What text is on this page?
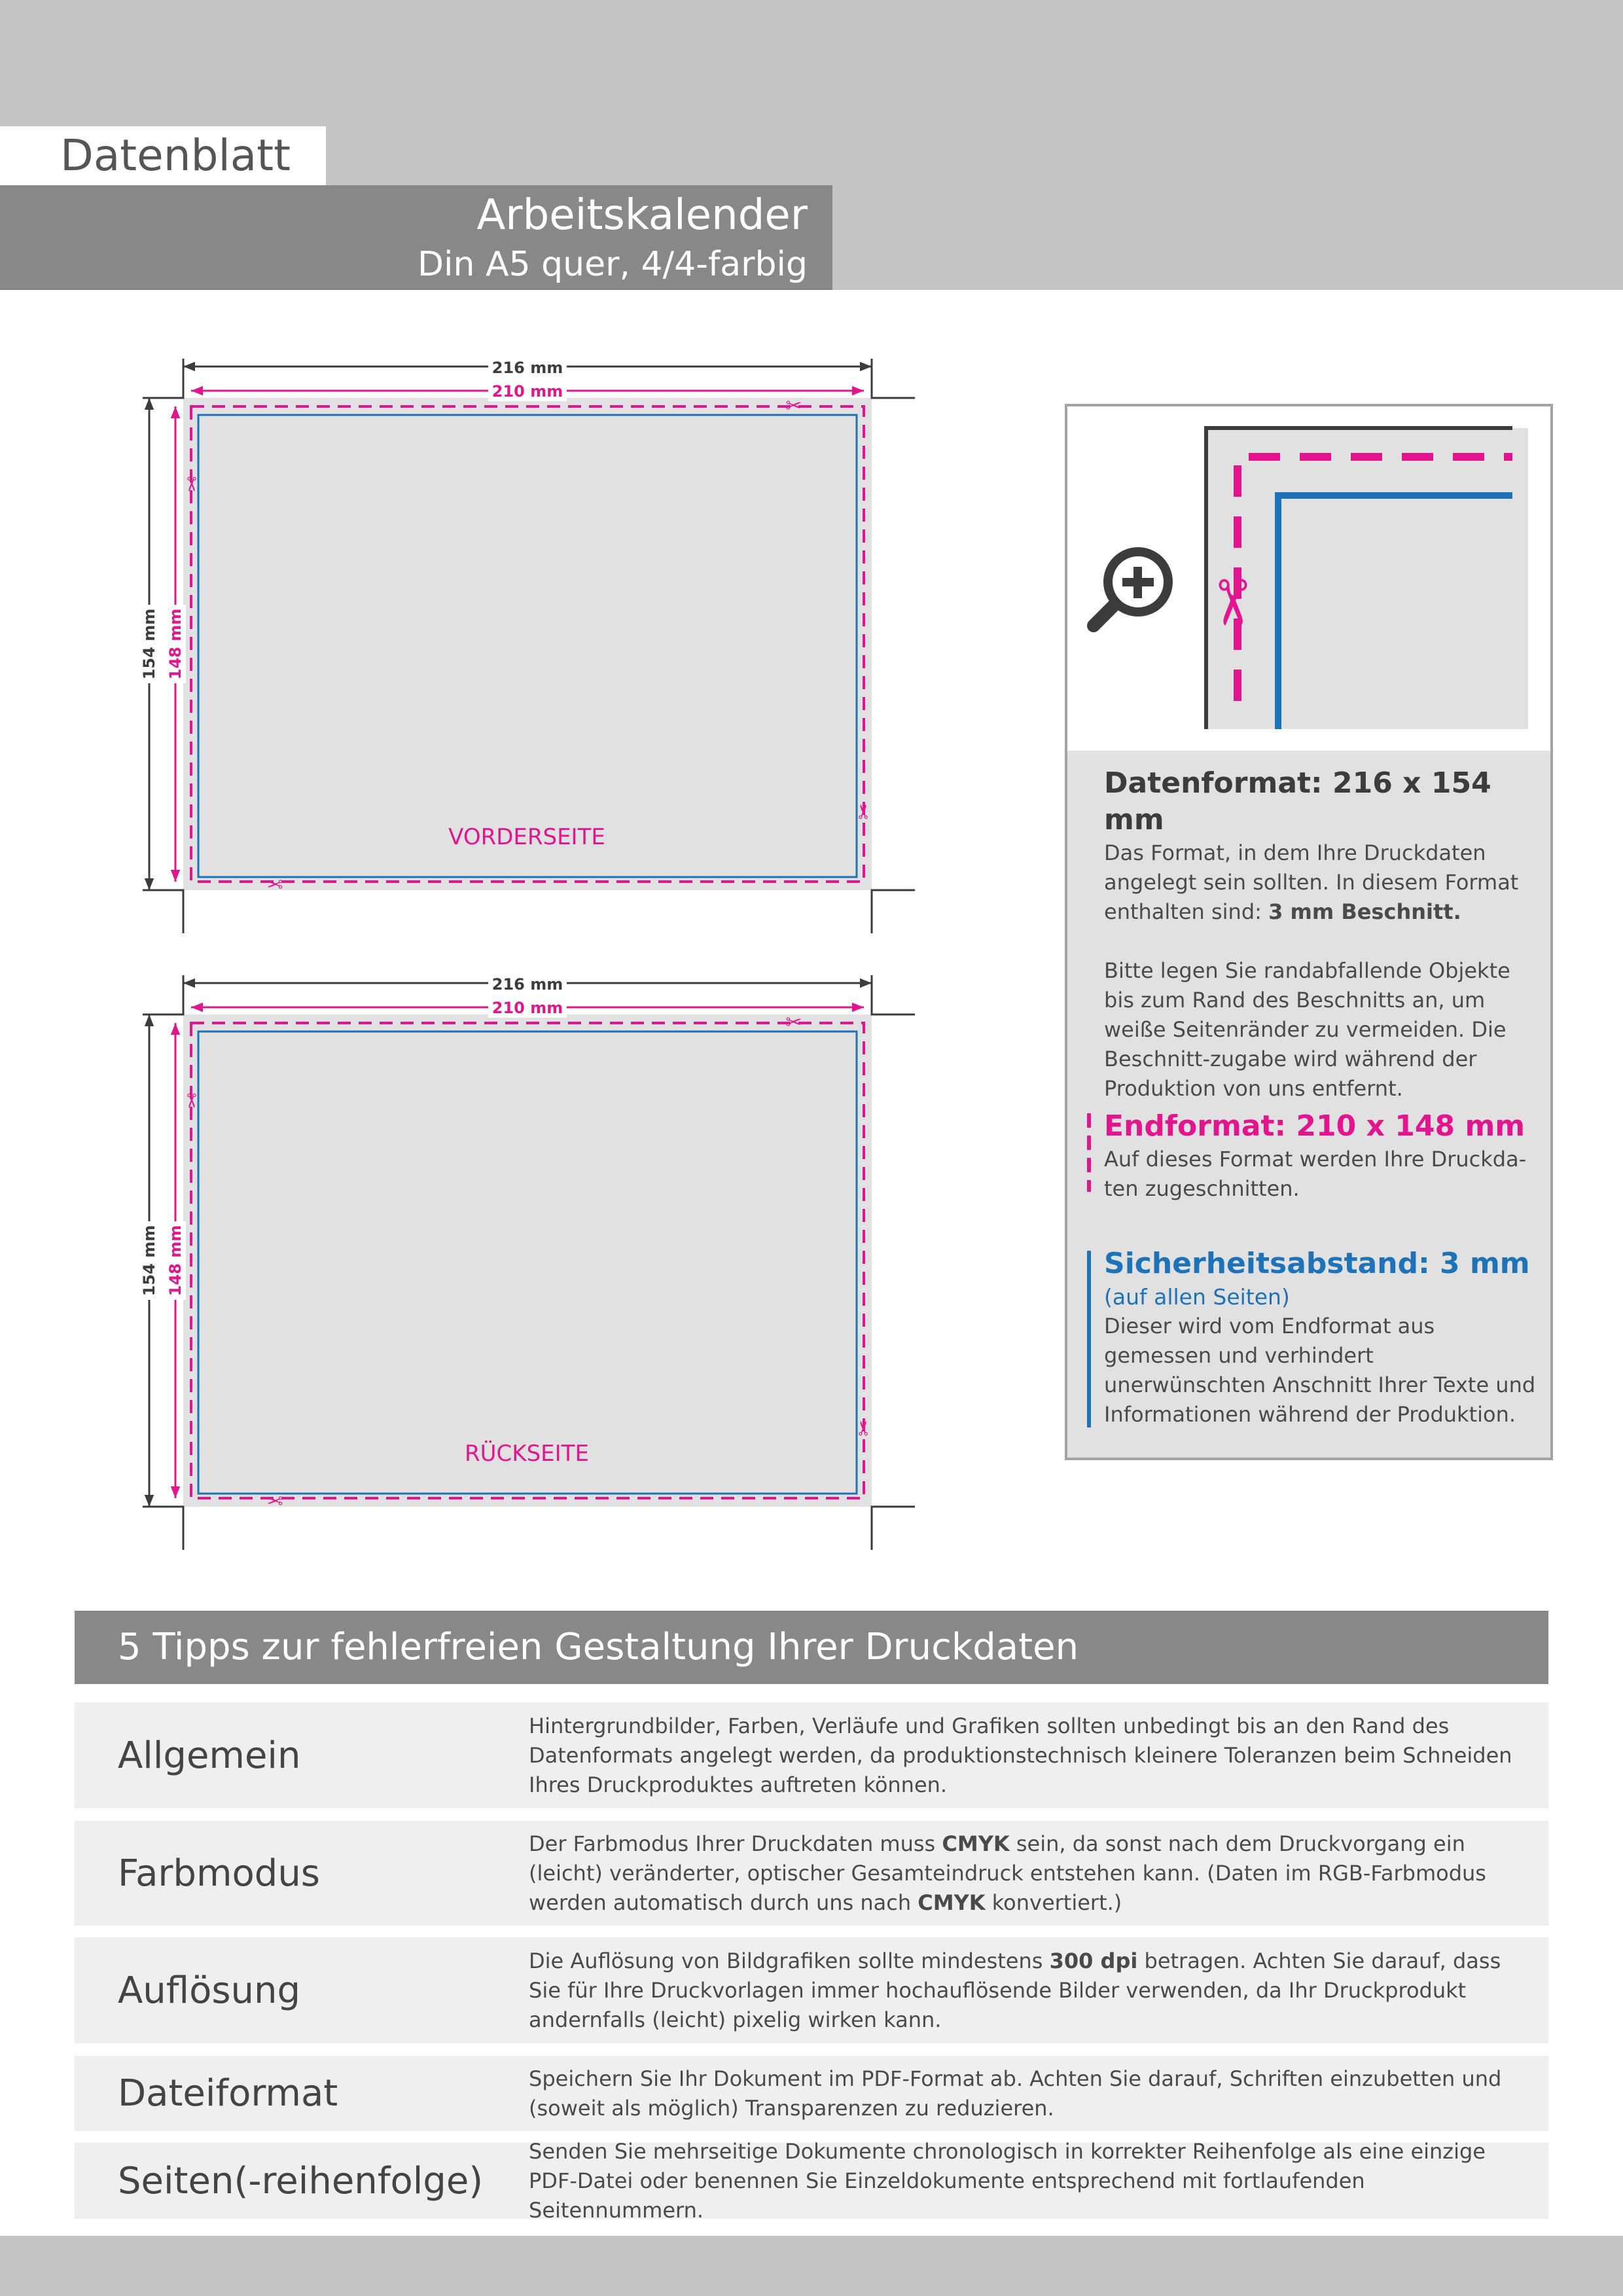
Datenblatt
Arbeitskalender
Din A5 quer, 4/4-farbig
216 mm
210 mm
154 mm 148 mm
✂
✂
✂
✂
VORDERSEITE
216 mm
210 mm
154 mm 148 mm
✂
✂
✂
✂
RÜCKSEITE
✂
Datenformat: 216 x 154 mm

Das Format, in dem Ihre Druckdaten angelegt sein sollten. In diesem Format enthalten sind: 3 mm Beschnitt.

Bitte legen Sie randabfallende Objekte bis zum Rand des Beschnitts an, um weiße Seitenränder zu vermeiden. Die Beschnitt-zugabe wird während der Produktion von uns entfernt.

Endformat: 210 x 148 mm

Auf dieses Format werden Ihre Druckda-ten zugeschnitten.

Sicherheitsabstand: 3 mm
(auf allen Seiten)

Dieser wird vom Endformat aus gemessen und verhindert unerwünschten Anschnitt Ihrer Texte und Informationen während der Produktion.

5 Tipps zur fehlerfreien Gestaltung Ihrer Druckdaten
Allgemein
Hintergrundbilder, Farben, Verläufe und Grafiken sollten unbedingt bis an den Rand des Datenformats angelegt werden, da produktionstechnisch kleinere Toleranzen beim Schneiden Ihres Druckproduktes auftreten können.
Farbmodus
Der Farbmodus Ihrer Druckdaten muss CMYK sein, da sonst nach dem Druckvorgang ein (leicht) veränderter, optischer Gesamteindruck entstehen kann. (Daten im RGB-Farbmodus werden automatisch durch uns nach CMYK konvertiert.)
Auflösung
Die Auflösung von Bildgrafiken sollte mindestens 300 dpi betragen. Achten Sie darauf, dass Sie für Ihre Druckvorlagen immer hochauflösende Bilder verwenden, da Ihr Druckprodukt andernfalls (leicht) pixelig wirken kann.
Dateiformat	Speichern Sie Ihr Dokument im PDF-Format ab. Achten Sie darauf, Schriften einzubetten und (soweit als möglich) Transparenzen zu reduzieren.
Seiten(-reihenfolge)
Senden Sie mehrseitige Dokumente chronologisch in korrekter Reihenfolge als eine einzige PDF-Datei oder benennen Sie Einzeldokumente entsprechend mit fortlaufenden Seitennummern.
